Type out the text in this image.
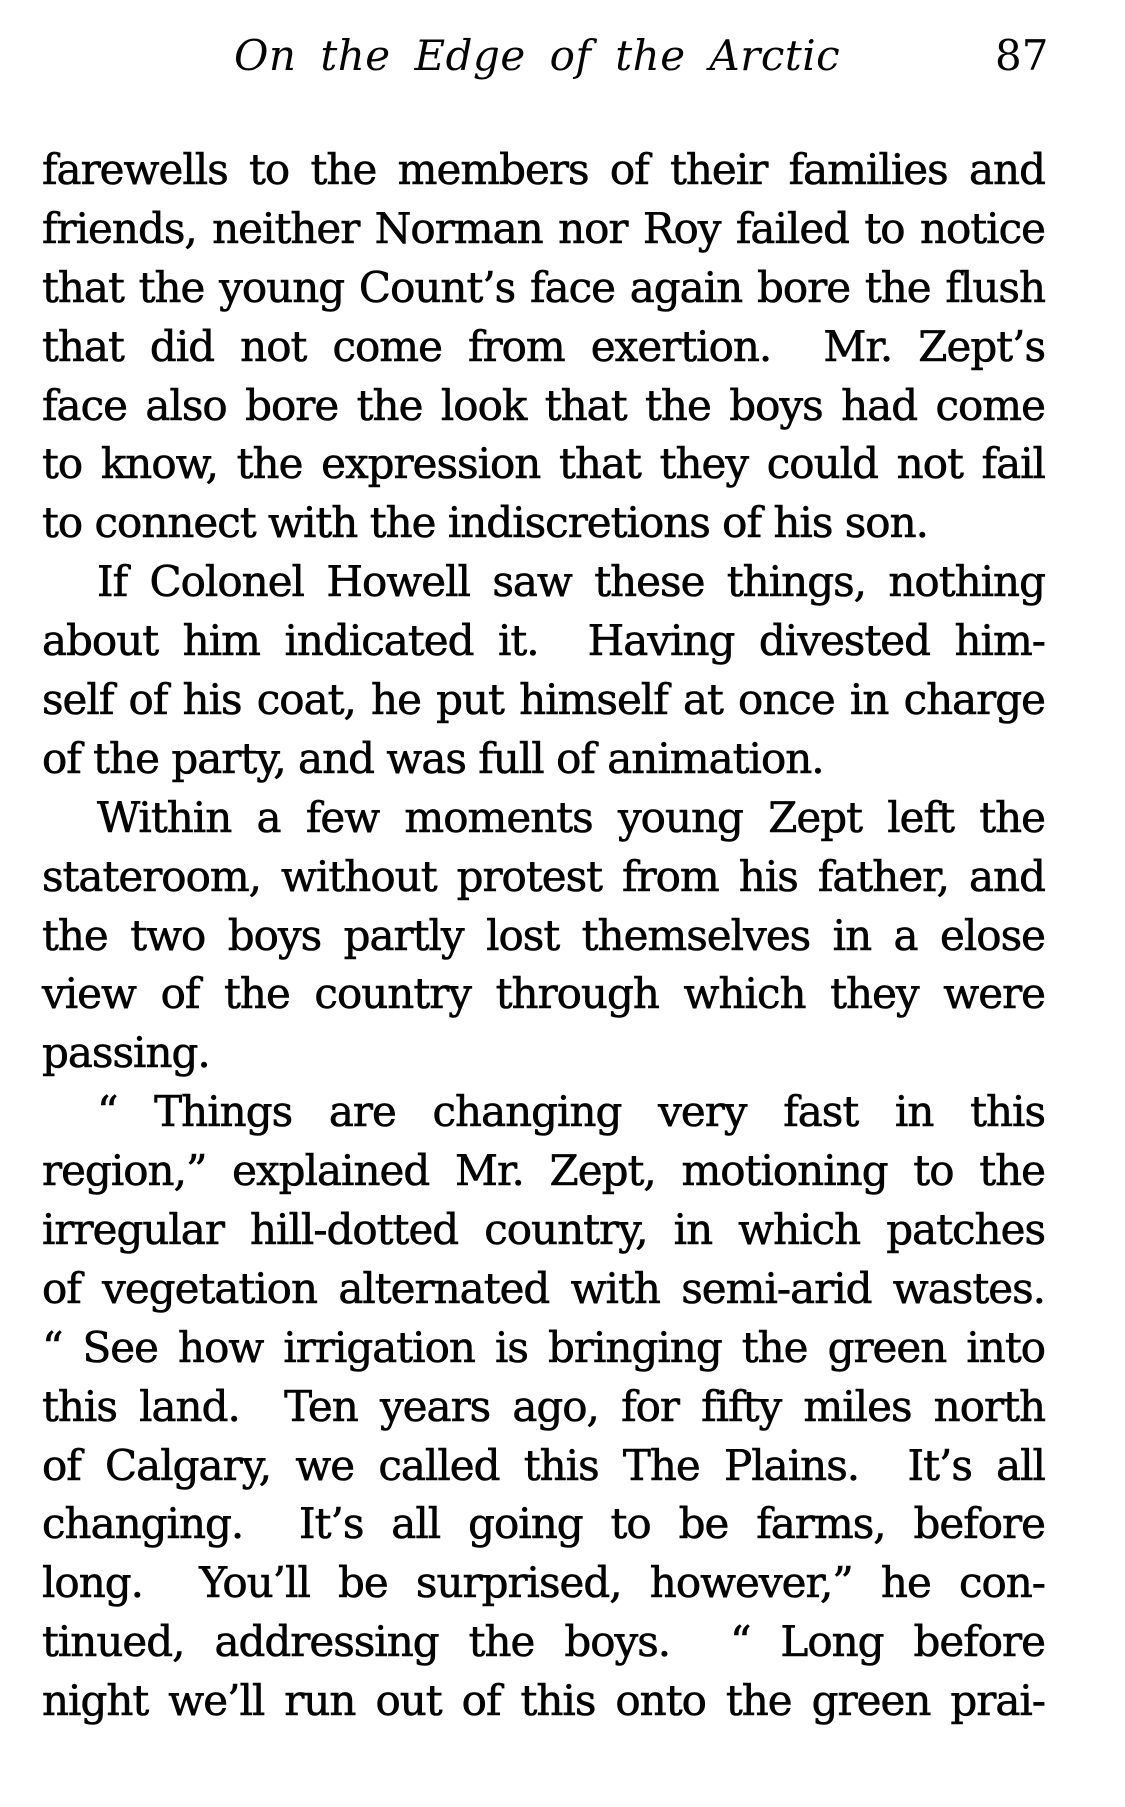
On the Edge of the Arctic	87
farewells to the members of their families and
friends, neither Norman nor Roy failed to notice
that the young Count’s face again bore the flush
that did not come from exertion.  Mr. Zept’s
face also bore the look that the boys had come
to know, the expression that they could not fail
to connect with the indiscretions of his son.
If Colonel Howell saw these things, nothing
about him indicated it.  Having divested him-
self of his coat, he put himself at once in charge
of the party, and was full of animation.
Within a few moments young Zept left the
stateroom, without protest from his father, and
the two boys partly lost themselves in a elose
view of the country through which they were
passing.
“ Things are changing very fast in this
region,” explained Mr. Zept, motioning to the
irregular hill-dotted country, in which patches
of vegetation alternated with semi-arid wastes.
“ See how irrigation is bringing the green into
this land.  Ten years ago, for fifty miles north
of Calgary, we called this The Plains.  It’s all
changing.  It’s all going to be farms, before
long.  You’ll be surprised, however,” he con-
tinued, addressing the boys.  “ Long before
night we’ll run out of this onto the green prai-
